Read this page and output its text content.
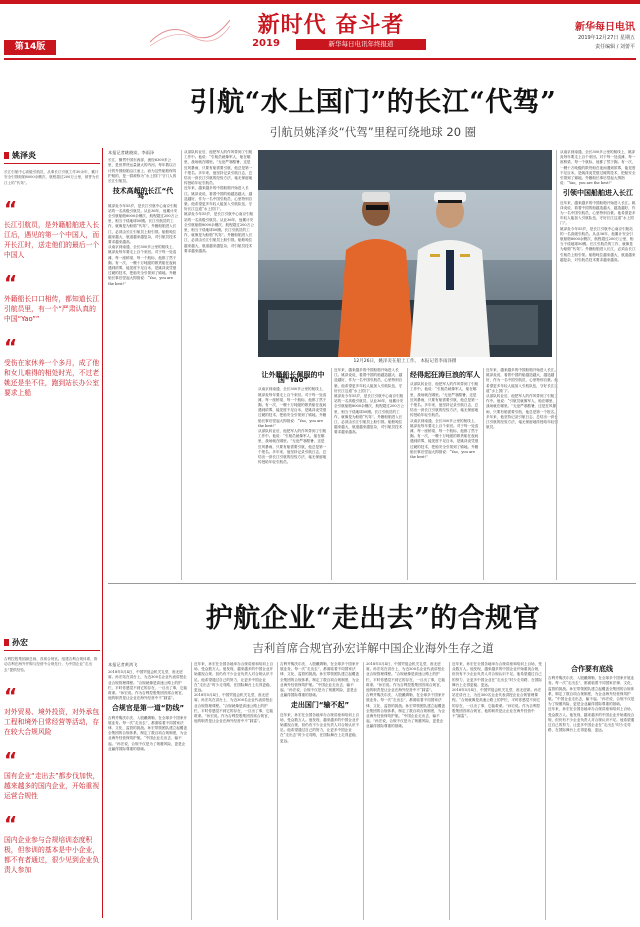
第14版
新时代 奋斗者
2019	新华每日电讯年终报道
新华每日电讯
2019年12月27日 星期五
责任编辑 / 刘蕾平
姚泽炎
长江引航中心高级引航员，从事长江引航工作30余年，累计安全引领船舶8000余艘次，航程超过200万公里，被誉为长江上的“代驾”。
“
长江引航员，是外籍船舶进入长江后，遇见的第一个中国人，而开长江时，送走他们的最后一个中国人
“
外籍船长口口相传，都知道长江引航员里，有一个“严肃认真的中国“Yao””
“
受伤在家休养一个多月，成了他和女儿难得的相处时光，不过老姚还是坐不住，跑到站长办公室要求上船
孙宏
吉利控股集团副总裁、首席合规官。组建吉利合规体系，推动吉利在海外并购与经营中合规先行，为中国企业“走出去”提供经验。
“
对外贸易、境外投资，对外承包工程和境外日常经营等活动，存在较大合规风险
“
国有企业“走出去”都步伐加快，越来越多的国内企业，开始重视运营合规性
“
国内企业参与合规培训态度积极，但参训的基本是中小企业，都不有者通过，很少见到企业负责人参加
引航“水上国门”的长江“代驾”
引航员姚泽炎“代驾”里程可绕地球 20 圈
本报记者姚晓岚、李雨泽

长江，横贯中国东西部，流经6300多公里，是世界货运量最大的内河。每年数以万计的外国船舶沿江而上，而为这些船舶保驾护航的，是一群被称为“水上国门”守门人的长江引航员。

技术高超的长江“代驾”

姚泽炎今年55岁，是长江引航中心南京引航站的一名高级引航员。从业36年，他累计安全引航船舶8000余艘次，航程超过200万公里，相当于绕地球50圈。长江引航员的工作，就像是为船舶“代驾”。外籍船舶进入长江，必须由长江引航员上船引领。船舶吨位越来越大，航道越来越复杂，对引航员技术要求越来越高。

从南京到南通，全长300多公里的航线上，姚泽炎每年要走上百个来回。对于每一处浅滩、每一座桥梁、每一个航标，他都了然于胸。有一次，一艘十万吨级的散货船在夜间遇到浓雾，能见度不足百米，是姚泽炎凭借过硬的技术，把船安全引领到了锚地。外籍船长事后竖起大拇指说：“Yao，you are the best!”

从部队转业后，他把军人的作风带到了引航工作中。他说：“引航员就像军人，船在哪里，战场就在哪里。”无论严寒酷暑，还是狂风暴雨，只要有船需要引航，他总是第一个报名。多年来，他坚持记录引航日志，总结出一套长江引航的经验方法，毫无保留地传授给年轻引航员。

近年来，越来越多的中国船舶开始进入长江。姚泽炎说，看着中国的船越造越大、越造越好，作为一名中国引航员，心里特别自豪。他希望更多年轻人能加入引航队伍，守好长江这道“水上国门”。

姚泽炎今年55岁，是长江引航中心南京引航站的一名高级引航员。从业36年，他累计安全引航船舶8000余艘次，航程超过200万公里，相当于绕地球50圈。长江引航员的工作，就像是为船舶“代驾”。外籍船舶进入长江，必须由长江引航员上船引领。船舶吨位越来越大，航道越来越复杂，对引航员技术要求越来越高。

12月26日，姚泽炎在船上工作。 本报记者李雨泽摄
让外籍船长佩服的中国“Yao”

从南京到南通，全长300多公里的航线上，姚泽炎每年要走上百个来回。对于每一处浅滩、每一座桥梁、每一个航标，他都了然于胸。有一次，一艘十万吨级的散货船在夜间遇到浓雾，能见度不足百米，是姚泽炎凭借过硬的技术，把船安全引领到了锚地。外籍船长事后竖起大拇指说：“Yao，you are the best!”

从部队转业后，他把军人的作风带到了引航工作中。他说：“引航员就像军人，船在哪里，战场就在哪里。”无论严寒酷暑，还是狂风暴雨，只要有船需要引航，他总是第一个报名。多年来，他坚持记录引航日志，总结出一套长江引航的经验方法，毫无保留地传授给年轻引航员。

近年来，越来越多的中国船舶开始进入长江。姚泽炎说，看着中国的船越造越大、越造越好，作为一名中国引航员，心里特别自豪。他希望更多年轻人能加入引航队伍，守好长江这道“水上国门”。

姚泽炎今年55岁，是长江引航中心南京引航站的一名高级引航员。从业36年，他累计安全引航船舶8000余艘次，航程超过200万公里，相当于绕地球50圈。长江引航员的工作，就像是为船舶“代驾”。外籍船舶进入长江，必须由长江引航员上船引领。船舶吨位越来越大，航道越来越复杂，对引航员技术要求越来越高。

经得起狂涛巨浪的军人

从部队转业后，他把军人的作风带到了引航工作中。他说：“引航员就像军人，船在哪里，战场就在哪里。”无论严寒酷暑，还是狂风暴雨，只要有船需要引航，他总是第一个报名。多年来，他坚持记录引航日志，总结出一套长江引航的经验方法，毫无保留地传授给年轻引航员。

从南京到南通，全长300多公里的航线上，姚泽炎每年要走上百个来回。对于每一处浅滩、每一座桥梁、每一个航标，他都了然于胸。有一次，一艘十万吨级的散货船在夜间遇到浓雾，能见度不足百米，是姚泽炎凭借过硬的技术，把船安全引领到了锚地。外籍船长事后竖起大拇指说：“Yao，you are the best!”

近年来，越来越多的中国船舶开始进入长江。姚泽炎说，看着中国的船越造越大、越造越好，作为一名中国引航员，心里特别自豪。他希望更多年轻人能加入引航队伍，守好长江这道“水上国门”。

从部队转业后，他把军人的作风带到了引航工作中。他说：“引航员就像军人，船在哪里，战场就在哪里。”无论严寒酷暑，还是狂风暴雨，只要有船需要引航，他总是第一个报名。多年来，他坚持记录引航日志，总结出一套长江引航的经验方法，毫无保留地传授给年轻引航员。

从南京到南通，全长300多公里的航线上，姚泽炎每年要走上百个来回。对于每一处浅滩、每一座桥梁、每一个航标，他都了然于胸。有一次，一艘十万吨级的散货船在夜间遇到浓雾，能见度不足百米，是姚泽炎凭借过硬的技术，把船安全引领到了锚地。外籍船长事后竖起大拇指说：“Yao，you are the best!”

引领中国船舶进入长江

近年来，越来越多的中国船舶开始进入长江。姚泽炎说，看着中国的船越造越大、越造越好，作为一名中国引航员，心里特别自豪。他希望更多年轻人能加入引航队伍，守好长江这道“水上国门”。

姚泽炎今年55岁，是长江引航中心南京引航站的一名高级引航员。从业36年，他累计安全引航船舶8000余艘次，航程超过200万公里，相当于绕地球50圈。长江引航员的工作，就像是为船舶“代驾”。外籍船舶进入长江，必须由长江引航员上船引领。船舶吨位越来越大，航道越来越复杂，对引航员技术要求越来越高。

护航企业“走出去”的合规官
吉利首席合规官孙宏详解中国企业海外生存之道
本报记者黄鸿飞

2018年5月4日，中国贸促会机关礼堂，座无虚席。孙宏站在讲台上，为近300名企业代表讲授企业合规管理课程。“合规就像是高速公路上的护栏，平时你感觉不到它的存在，一旦出了事，它能救命。”孙宏说。作为吉利控股集团首席合规官，他的职责是让企业在海外经营中不“踩雷”。

合规官是第一道“防线”

吉利并购沃尔沃、入股戴姆勒，在全球多个国家开展业务。每一次“走出去”，都面临着不同国家法律、文化、监管的挑战。孙宏带领团队建立起覆盖全集团的合规体系，制定了数百项合规制度，为企业海外经营保驾护航。“中国企业走出去，输不起。”孙宏说，合规不仅是为了规避风险，更是企业赢得国际尊重的基础。

近年来，孙宏在全国各地举办合规讲座和培训上百场，受众数万人。他发现，越来越多的中国企业开始重视合规，但仍有不少企业负责人对合规认识不足。他希望通过自己的努力，让更多中国企业在“走出去”时少走弯路，在国际舞台上走得更稳、更远。

2018年5月4日，中国贸促会机关礼堂，座无虚席。孙宏站在讲台上，为近300名企业代表讲授企业合规管理课程。“合规就像是高速公路上的护栏，平时你感觉不到它的存在，一旦出了事，它能救命。”孙宏说。作为吉利控股集团首席合规官，他的职责是让企业在海外经营中不“踩雷”。

吉利并购沃尔沃、入股戴姆勒，在全球多个国家开展业务。每一次“走出去”，都面临着不同国家法律、文化、监管的挑战。孙宏带领团队建立起覆盖全集团的合规体系，制定了数百项合规制度，为企业海外经营保驾护航。“中国企业走出去，输不起。”孙宏说，合规不仅是为了规避风险，更是企业赢得国际尊重的基础。

走出国门“输不起”

近年来，孙宏在全国各地举办合规讲座和培训上百场，受众数万人。他发现，越来越多的中国企业开始重视合规，但仍有不少企业负责人对合规认识不足。他希望通过自己的努力，让更多中国企业在“走出去”时少走弯路，在国际舞台上走得更稳、更远。

2018年5月4日，中国贸促会机关礼堂，座无虚席。孙宏站在讲台上，为近300名企业代表讲授企业合规管理课程。“合规就像是高速公路上的护栏，平时你感觉不到它的存在，一旦出了事，它能救命。”孙宏说。作为吉利控股集团首席合规官，他的职责是让企业在海外经营中不“踩雷”。

吉利并购沃尔沃、入股戴姆勒，在全球多个国家开展业务。每一次“走出去”，都面临着不同国家法律、文化、监管的挑战。孙宏带领团队建立起覆盖全集团的合规体系，制定了数百项合规制度，为企业海外经营保驾护航。“中国企业走出去，输不起。”孙宏说，合规不仅是为了规避风险，更是企业赢得国际尊重的基础。

近年来，孙宏在全国各地举办合规讲座和培训上百场，受众数万人。他发现，越来越多的中国企业开始重视合规，但仍有不少企业负责人对合规认识不足。他希望通过自己的努力，让更多中国企业在“走出去”时少走弯路，在国际舞台上走得更稳、更远。

2018年5月4日，中国贸促会机关礼堂，座无虚席。孙宏站在讲台上，为近300名企业代表讲授企业合规管理课程。“合规就像是高速公路上的护栏，平时你感觉不到它的存在，一旦出了事，它能救命。”孙宏说。作为吉利控股集团首席合规官，他的职责是让企业在海外经营中不“踩雷”。

合作要有底线

吉利并购沃尔沃、入股戴姆勒，在全球多个国家开展业务。每一次“走出去”，都面临着不同国家法律、文化、监管的挑战。孙宏带领团队建立起覆盖全集团的合规体系，制定了数百项合规制度，为企业海外经营保驾护航。“中国企业走出去，输不起。”孙宏说，合规不仅是为了规避风险，更是企业赢得国际尊重的基础。

近年来，孙宏在全国各地举办合规讲座和培训上百场，受众数万人。他发现，越来越多的中国企业开始重视合规，但仍有不少企业负责人对合规认识不足。他希望通过自己的努力，让更多中国企业在“走出去”时少走弯路，在国际舞台上走得更稳、更远。
